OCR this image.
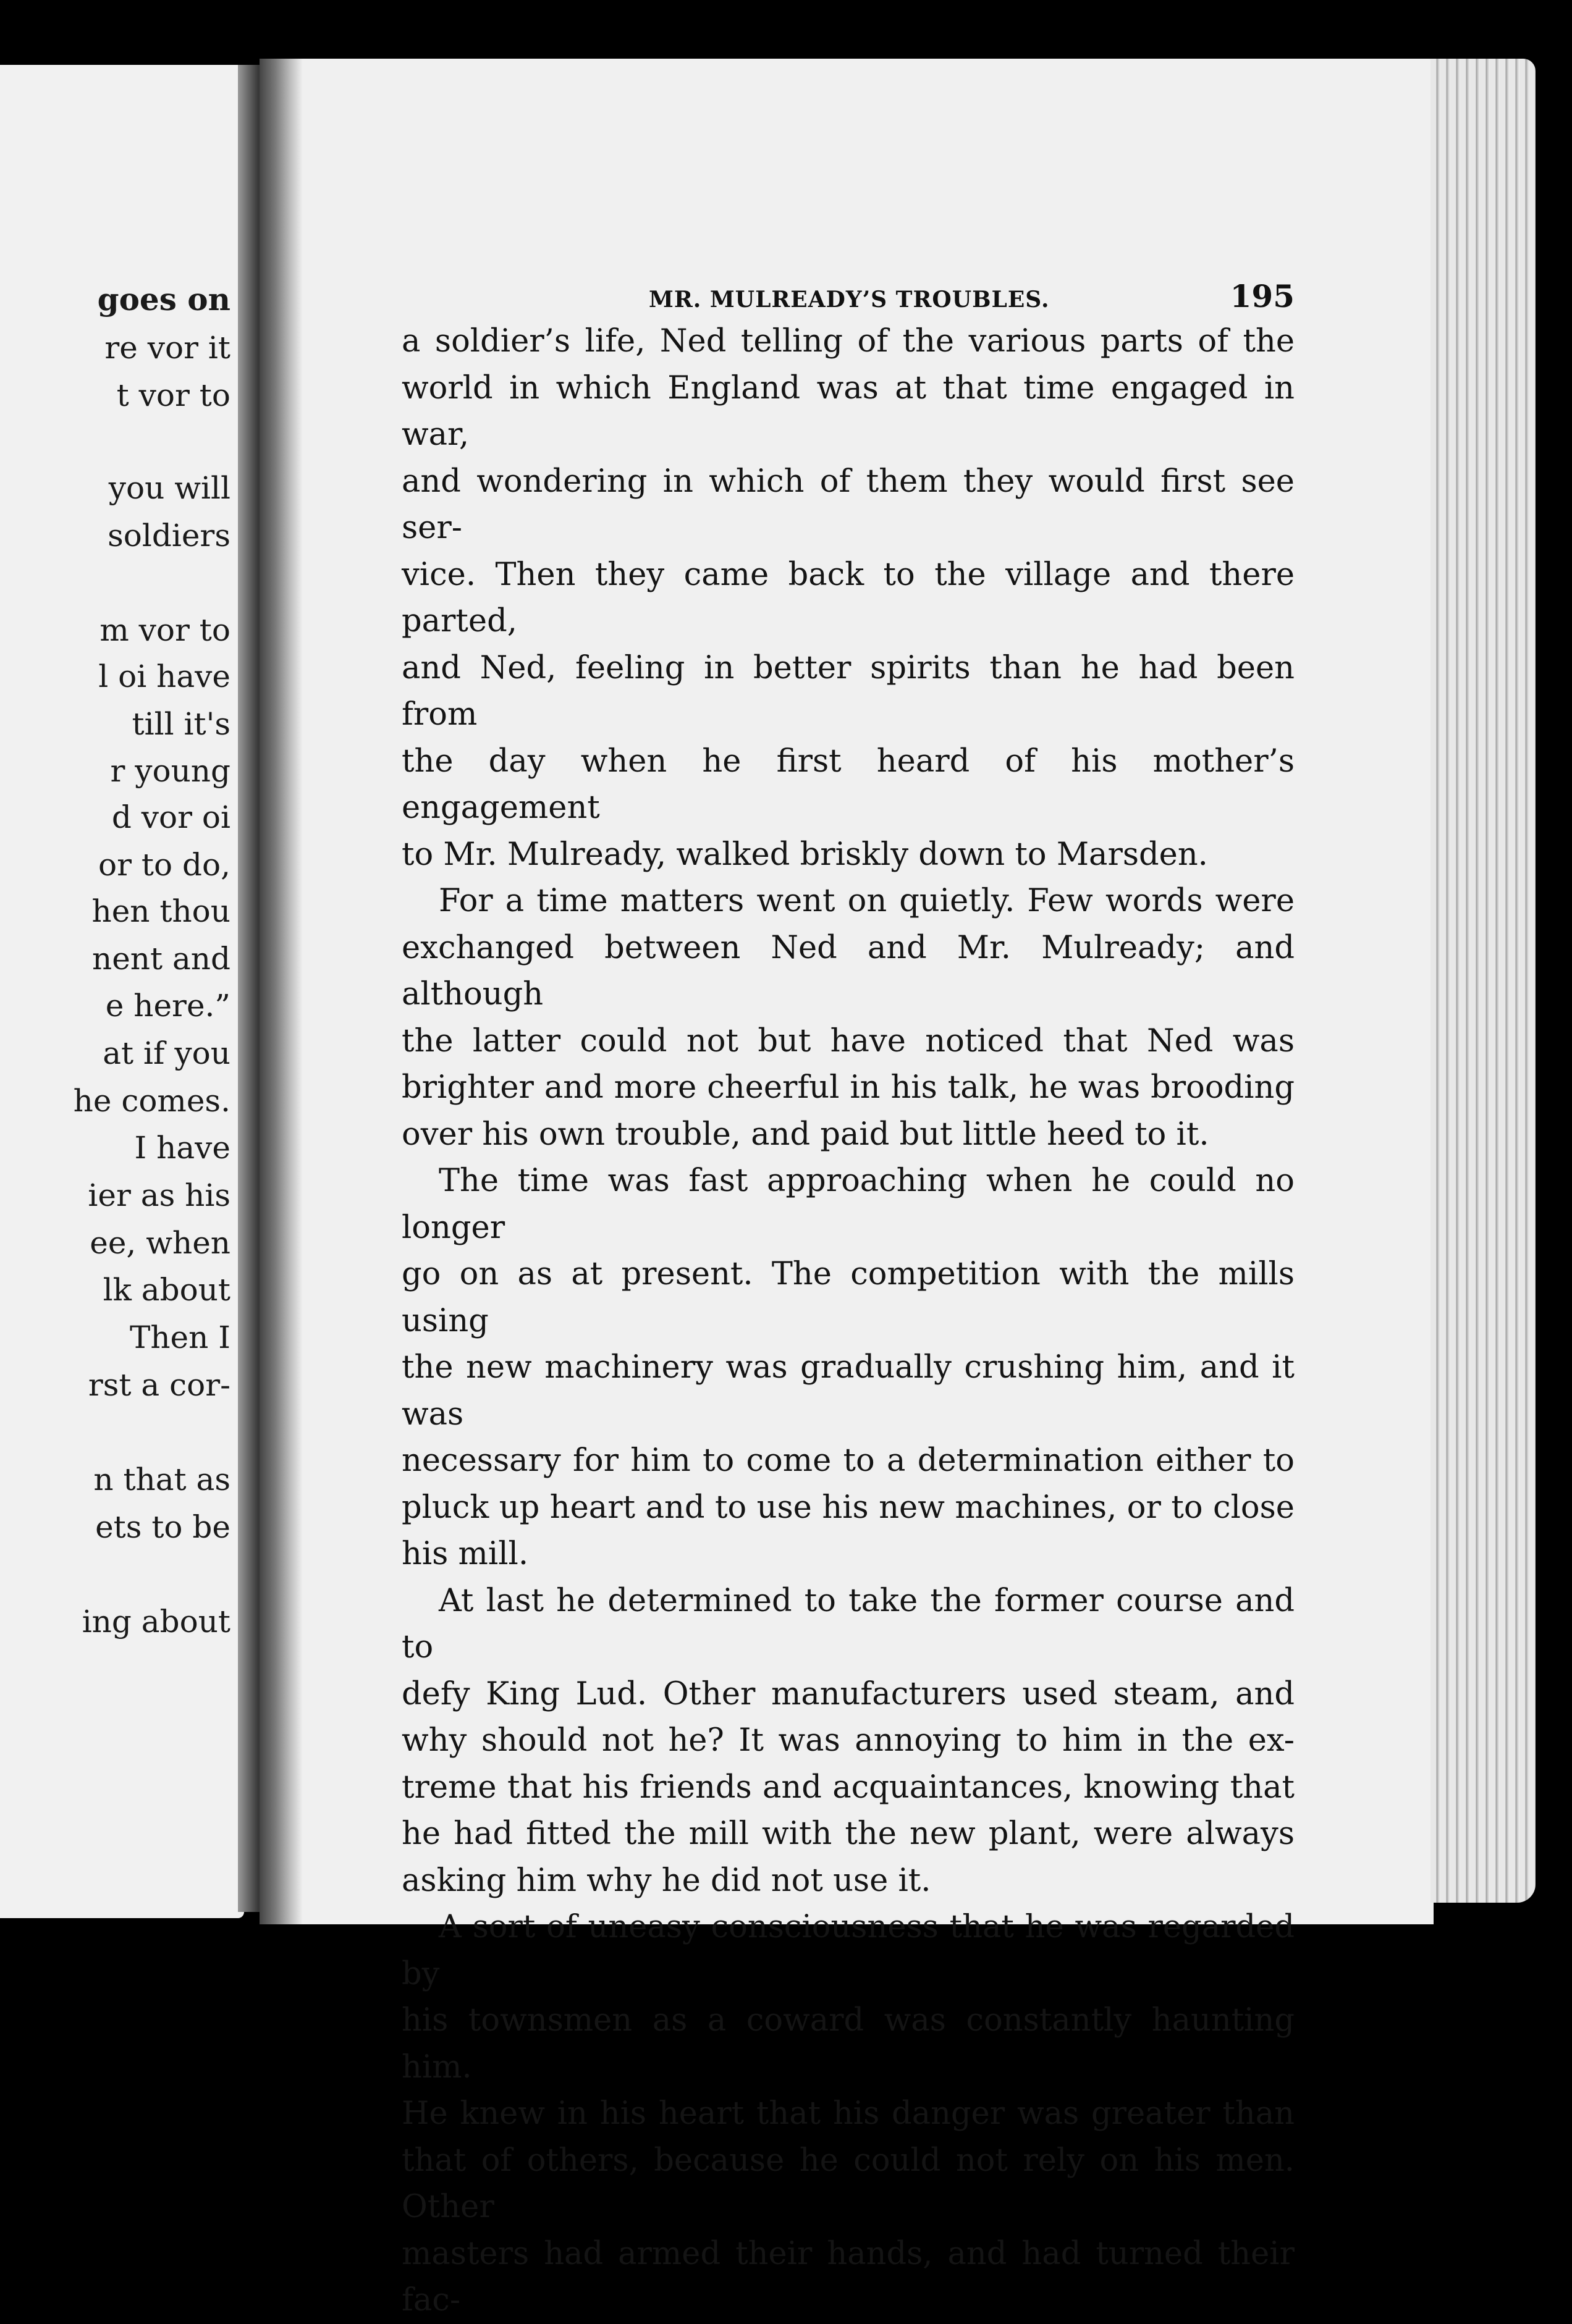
goes on
re vor it
t vor to
you will
soldiers
m vor to
l oi have
till it's
r young
d vor oi
or to do,
hen thou
nent and
e here.”
at if you
he comes.
I have
ier as his
ee, when
lk about
Then I
rst a cor-
n that as
ets to be
ing about
MR. MULREADY’S TROUBLES.	195

a soldier’s life, Ned telling of the various parts of the

world in which England was at that time engaged in war,

and wondering in which of them they would first see ser-

vice. Then they came back to the village and there parted,

and Ned, feeling in better spirits than he had been from

the day when he first heard of his mother’s engagement

to Mr. Mulready, walked briskly down to Marsden.

For a time matters went on quietly. Few words were

exchanged between Ned and Mr. Mulready; and although

the latter could not but have noticed that Ned was

brighter and more cheerful in his talk, he was brooding

over his own trouble, and paid but little heed to it.

The time was fast approaching when he could no longer

go on as at present. The competition with the mills using

the new machinery was gradually crushing him, and it was

necessary for him to come to a determination either to

pluck up heart and to use his new machines, or to close

his mill.

At last he determined to take the former course and to

defy King Lud. Other manufacturers used steam, and

why should not he? It was annoying to him in the ex-

treme that his friends and acquaintances, knowing that

he had fitted the mill with the new plant, were always

asking him why he did not use it.

A sort of uneasy consciousness that he was regarded by

his townsmen as a coward was constantly haunting him.

He knew in his heart that his danger was greater than

that of others, because he could not rely on his men. Other

masters had armed their hands, and had turned their fac-
